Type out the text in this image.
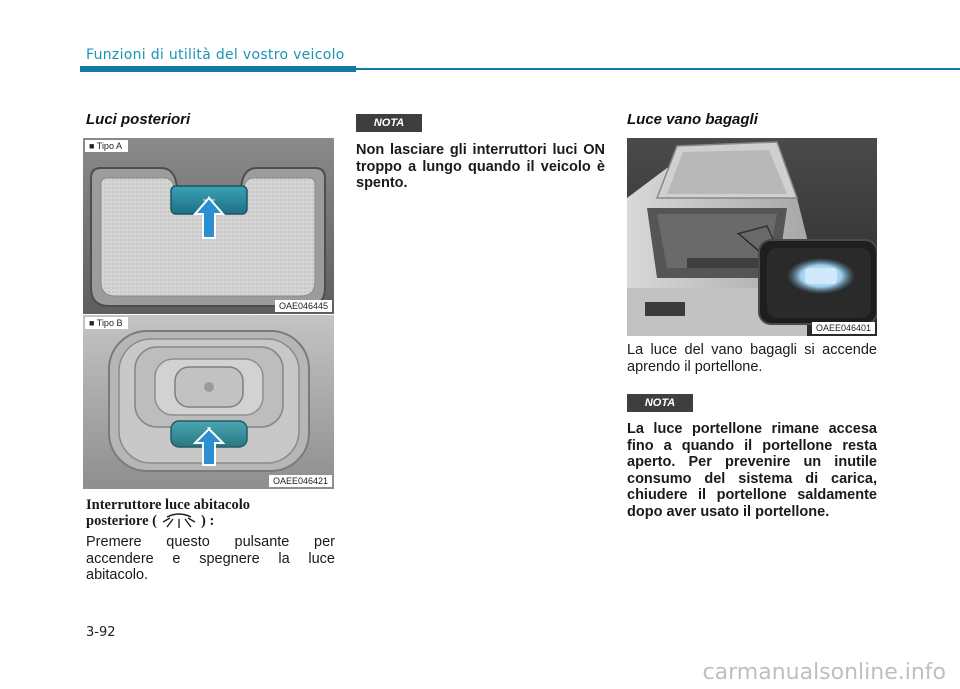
Funzioni di utilità del vostro veicolo
Luci posteriori
■ Tipo A
OAE046445
■ Tipo B
OAEE046421
Interruttore luce abitacolo
posteriore (	) :
Premere questo pulsante per accendere e spegnere la luce abitacolo.
NOTA
Non lasciare gli interruttori luci ON troppo a lungo quando il veicolo è spento.
Luce vano bagagli
OAEE046401
La luce del vano bagagli si accende aprendo il portellone.
NOTA
La luce portellone rimane accesa fino a quando il portellone resta aperto. Per prevenire un inutile consumo del sistema di carica, chiudere il portellone saldamente dopo aver usato il portellone.
3-92
carmanualsonline.info
